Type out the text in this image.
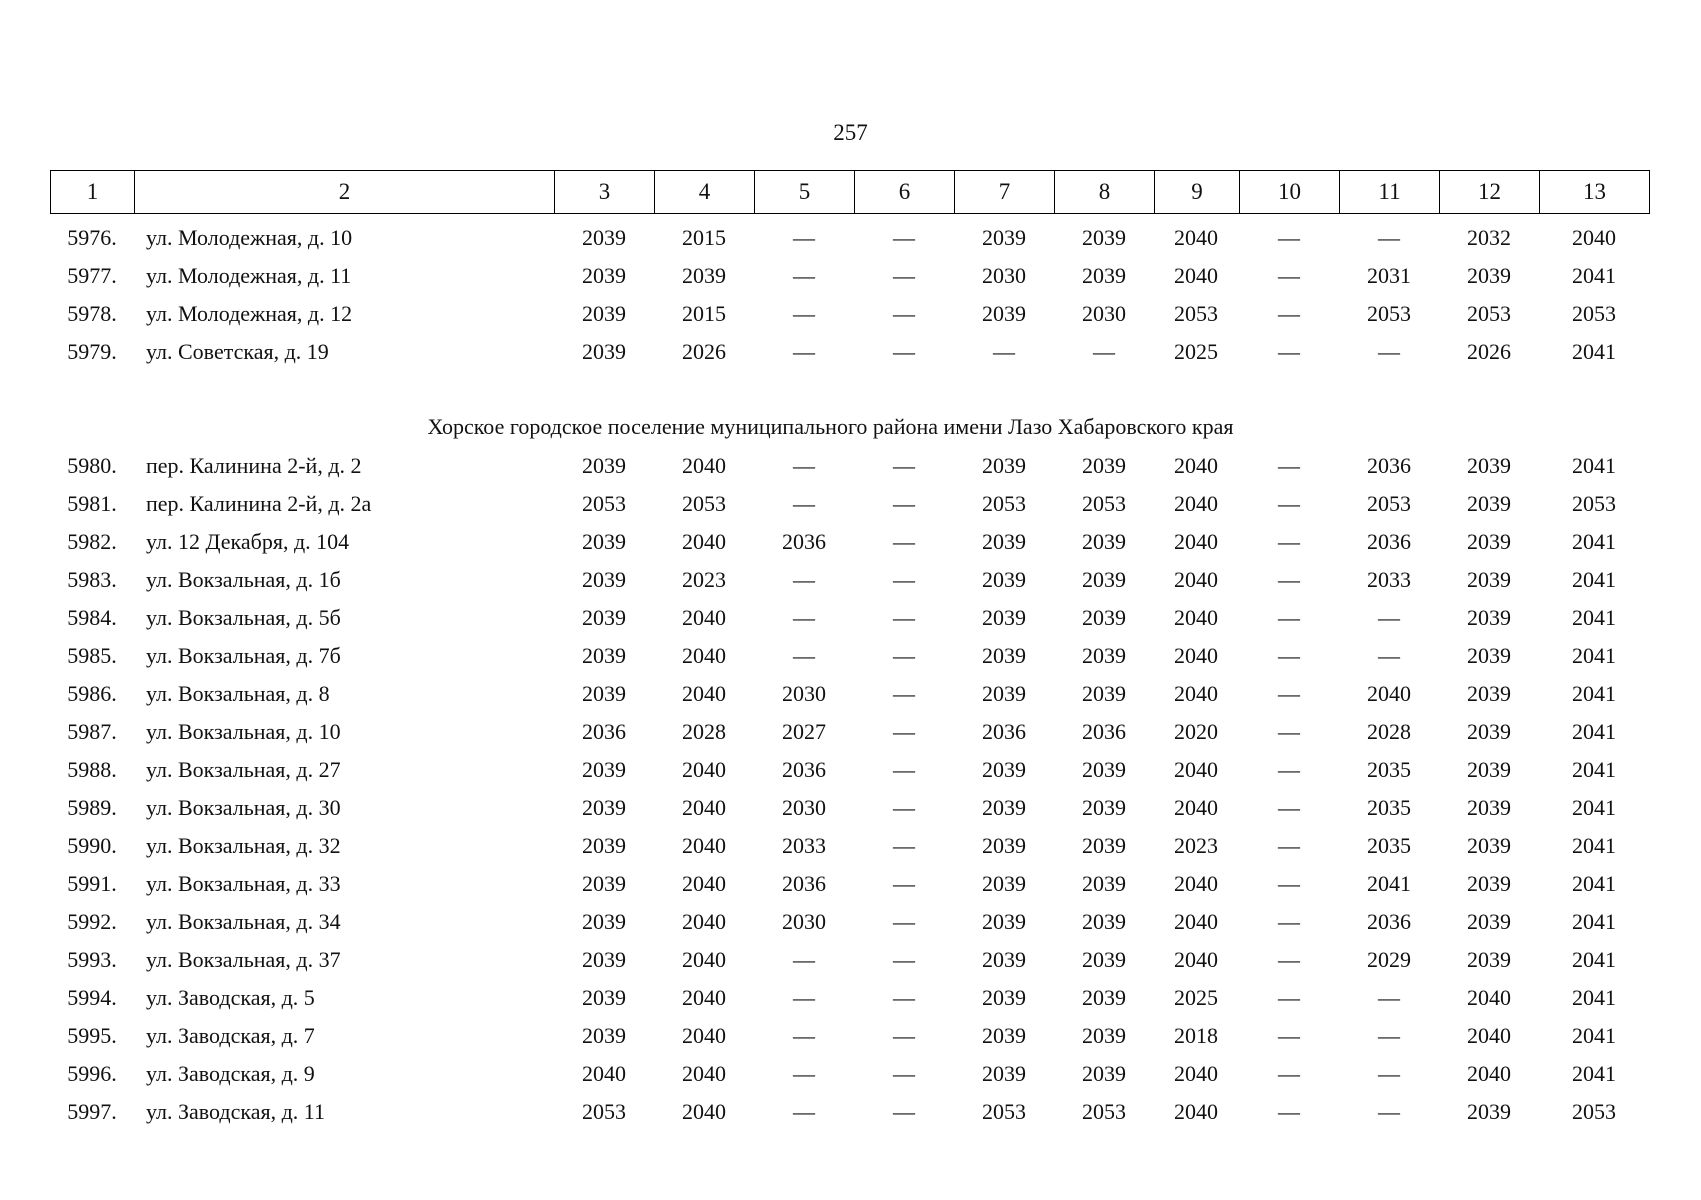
257
1	2	3	4	5	6	7	8	9	10	11	12	13
5976.	ул. Молодежная, д. 10	2039	2015	—	—	2039	2039	2040	—	—	2032	2040
5977.	ул. Молодежная, д. 11	2039	2039	—	—	2030	2039	2040	—	2031	2039	2041
5978.	ул. Молодежная, д. 12	2039	2015	—	—	2039	2030	2053	—	2053	2053	2053
5979.	ул. Советская, д. 19	2039	2026	—	—	—	—	2025	—	—	2026	2041
Хорское городское поселение муниципального района имени Лазо Хабаровского края
5980.	пер. Калинина 2-й, д. 2	2039	2040	—	—	2039	2039	2040	—	2036	2039	2041
5981.	пер. Калинина 2-й, д. 2а	2053	2053	—	—	2053	2053	2040	—	2053	2039	2053
5982.	ул. 12 Декабря, д. 104	2039	2040	2036	—	2039	2039	2040	—	2036	2039	2041
5983.	ул. Вокзальная, д. 1б	2039	2023	—	—	2039	2039	2040	—	2033	2039	2041
5984.	ул. Вокзальная, д. 5б	2039	2040	—	—	2039	2039	2040	—	—	2039	2041
5985.	ул. Вокзальная, д. 7б	2039	2040	—	—	2039	2039	2040	—	—	2039	2041
5986.	ул. Вокзальная, д. 8	2039	2040	2030	—	2039	2039	2040	—	2040	2039	2041
5987.	ул. Вокзальная, д. 10	2036	2028	2027	—	2036	2036	2020	—	2028	2039	2041
5988.	ул. Вокзальная, д. 27	2039	2040	2036	—	2039	2039	2040	—	2035	2039	2041
5989.	ул. Вокзальная, д. 30	2039	2040	2030	—	2039	2039	2040	—	2035	2039	2041
5990.	ул. Вокзальная, д. 32	2039	2040	2033	—	2039	2039	2023	—	2035	2039	2041
5991.	ул. Вокзальная, д. 33	2039	2040	2036	—	2039	2039	2040	—	2041	2039	2041
5992.	ул. Вокзальная, д. 34	2039	2040	2030	—	2039	2039	2040	—	2036	2039	2041
5993.	ул. Вокзальная, д. 37	2039	2040	—	—	2039	2039	2040	—	2029	2039	2041
5994.	ул. Заводская, д. 5	2039	2040	—	—	2039	2039	2025	—	—	2040	2041
5995.	ул. Заводская, д. 7	2039	2040	—	—	2039	2039	2018	—	—	2040	2041
5996.	ул. Заводская, д. 9	2040	2040	—	—	2039	2039	2040	—	—	2040	2041
5997.	ул. Заводская, д. 11	2053	2040	—	—	2053	2053	2040	—	—	2039	2053
